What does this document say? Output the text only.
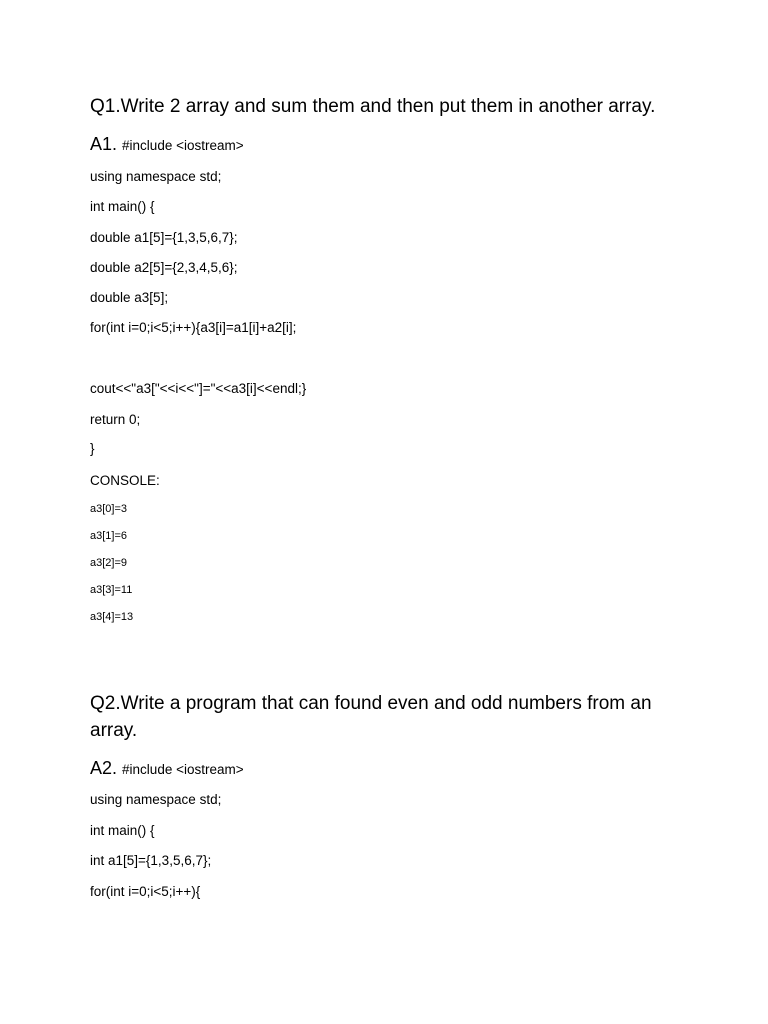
Q1.Write 2 array and sum them and then put them in another array.
A1. #include <iostream>
using namespace std;
int main() {
double a1[5]={1,3,5,6,7};
double a2[5]={2,3,4,5,6};
double a3[5];
for(int i=0;i<5;i++){a3[i]=a1[i]+a2[i];
cout<<"a3["<<i<<"]="<<a3[i]<<endl;}
return 0;
}
CONSOLE:
a3[0]=3
a3[1]=6
a3[2]=9
a3[3]=11
a3[4]=13
Q2.Write a program that can found even and odd numbers from an array.
A2. #include <iostream>
using namespace std;
int main() {
int a1[5]={1,3,5,6,7};
for(int i=0;i<5;i++){
